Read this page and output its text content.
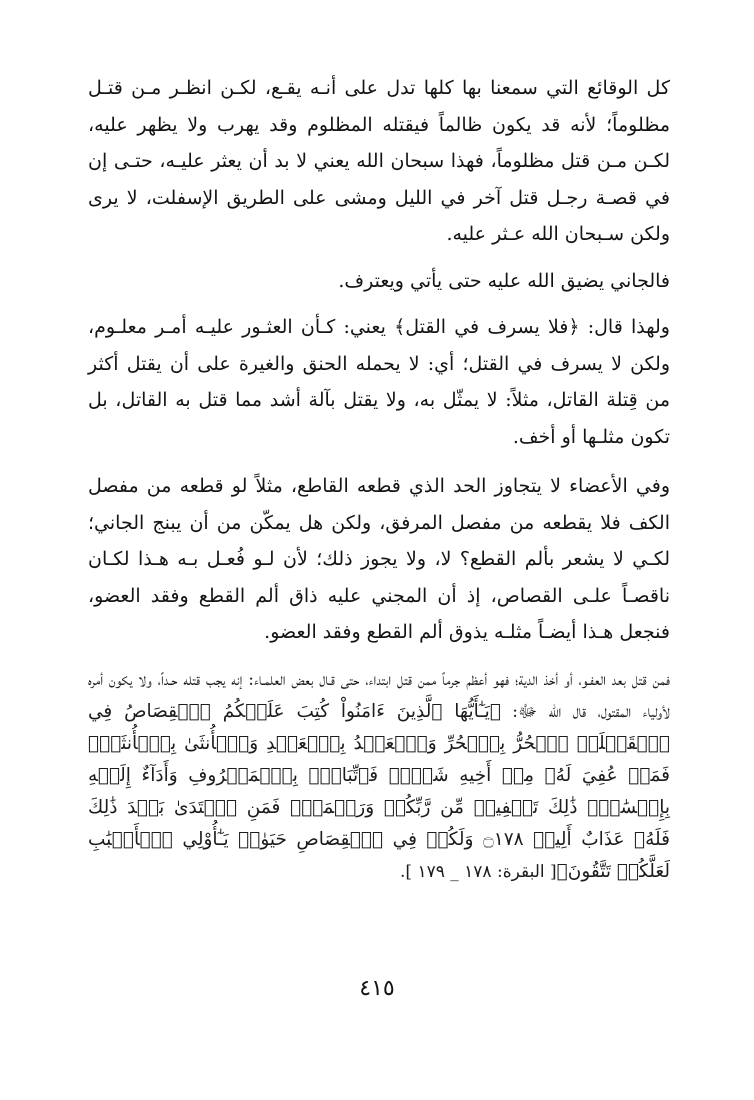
كل الوقائع التي سمعنا بها كلها تدل على أنـه يقـع، لكـن انظـر مـن قتـل مظلوماً؛ لأنه قد يكون ظالماً فيقتله المظلوم وقد يهرب ولا يظهر عليه، لكـن مـن قتل مظلوماً، فهذا سبحان الله يعني لا بد أن يعثر عليـه، حتـى إن في قصـة رجـل قتل آخر في الليل ومشى على الطريق الإسفلت، لا يرى ولكن سـبحان الله عـثر عليه.

فالجاني يضيق الله عليه حتى يأتي ويعترف.

ولهذا قال: ﴿فلا يسرف في القتل﴾ يعني: كـأن العثـور عليـه أمـر معلـوم، ولكن لا يسرف في القتل؛ أي: لا يحمله الحنق والغيرة على أن يقتل أكثر من قِتلة القاتل، مثلاً: لا يمثّل به، ولا يقتل بآلة أشد مما قتل به القاتل، بل تكون مثلـها أو أخف.

وفي الأعضاء لا يتجاوز الحد الذي قطعه القاطع، مثلاً لو قطعه من مفصل الكف فلا يقطعه من مفصل المرفق، ولكن هل يمكّن من أن يبنج الجاني؛ لكـي لا يشعر بألم القطع؟ لا، ولا يجوز ذلك؛ لأن لـو فُعـل بـه هـذا لكـان ناقصـاً علـى القصاص، إذ أن المجني عليه ذاق ألم القطع وفقد العضو، فنجعل هـذا أيضـاً مثلـه يذوق ألم القطع وفقد العضو.

فمن قتل بعد العفـو، أو أخذ الدية؛ فهو أعظم جرماً ممن قتل ابتداء، حتى قـال بعض العلمـاء: إنه يجب قتله حـداً، ولا يكون أمره لأولياء المقتول، قال الله ﷻ: ﴿يَـٰٓأَيُّهَا ٱلَّذِينَ ءَامَنُواْ كُتِبَ عَلَيۡكُمُ ٱلۡقِصَاصُ فِي ٱلۡقَتۡلَىۖ ٱلۡحُرُّ بِٱلۡحُرِّ وَٱلۡعَبۡدُ بِٱلۡعَبۡدِ وَٱلۡأُنثَىٰ بِٱلۡأُنثَىٰۚ فَمَنۡ عُفِيَ لَهُۥ مِنۡ أَخِيهِ شَيۡءٞ فَٱتِّبَاعُۢ بِٱلۡمَعۡرُوفِ وَأَدَآءٌ إِلَيۡهِ بِإِحۡسَٰنٖۗ ذَٰلِكَ تَخۡفِيفٞ مِّن رَّبِّكُمۡ وَرَحۡمَةٞۗ فَمَنِ ٱعۡتَدَىٰ بَعۡدَ ذَٰلِكَ فَلَهُۥ عَذَابٌ أَلِيمٞ ۝١٧٨ وَلَكُمۡ فِي ٱلۡقِصَاصِ حَيَوٰةٞ يَـٰٓأُوْلِي ٱلۡأَلۡبَٰبِ لَعَلَّكُمۡ تَتَّقُونَ﴾[ البقرة: ١٧٨ _ ١٧٩ ].

٤١٥
